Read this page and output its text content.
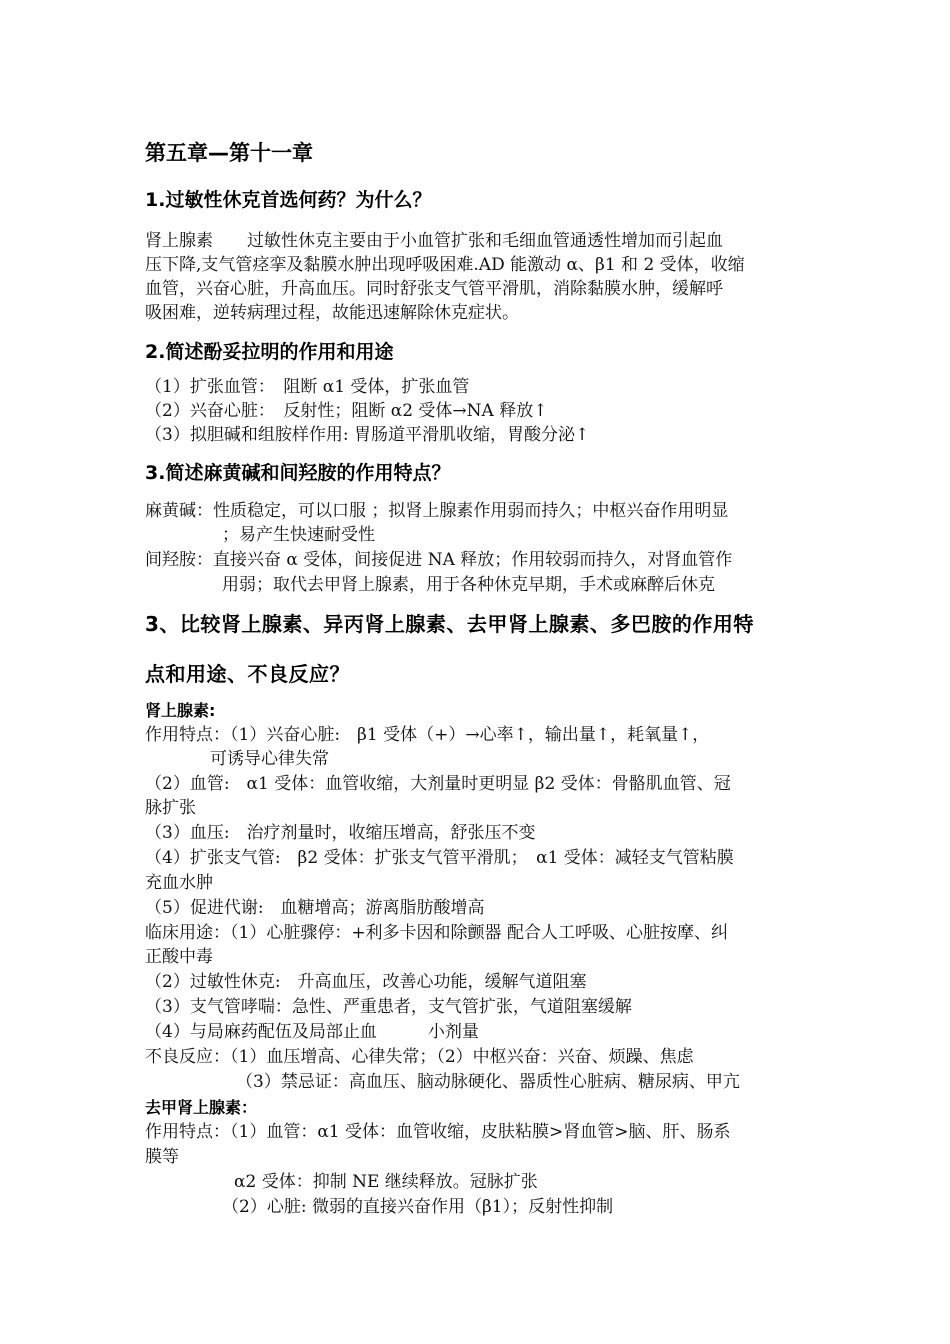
第五章—第十一章
1.过敏性休克首选何药？为什么？
肾上腺素　　过敏性休克主要由于小血管扩张和毛细血管通透性增加而引起血
压下降,支气管痉挛及黏膜水肿出现呼吸困难.AD 能激动 α、β1 和 2 受体，收缩
血管，兴奋心脏，升高血压。同时舒张支气管平滑肌，消除黏膜水肿，缓解呼
吸困难，逆转病理过程，故能迅速解除休克症状。
2.简述酚妥拉明的作用和用途
（1）扩张血管：　阻断 α1 受体，扩张血管
（2）兴奋心脏：　反射性；阻断 α2 受体→NA 释放↑
（3）拟胆碱和组胺样作用: 胃肠道平滑肌收缩，胃酸分泌↑
3.简述麻黄碱和间羟胺的作用特点？
麻黄碱：性质稳定，可以口服 ；拟肾上腺素作用弱而持久；中枢兴奋作用明显
；易产生快速耐受性
间羟胺：直接兴奋 α 受体，间接促进 NA 释放；作用较弱而持久，对肾血管作
用弱；取代去甲肾上腺素，用于各种休克早期，手术或麻醉后休克
3、比较肾上腺素、异丙肾上腺素、去甲肾上腺素、多巴胺的作用特
点和用途、不良反应？
肾上腺素:
作用特点：（1）兴奋心脏:　β1 受体（+）→心率↑，输出量↑，耗氧量↑，
可诱导心律失常
（2）血管:　α1 受体：血管收缩，大剂量时更明显 β2 受体：骨骼肌血管、冠
脉扩张
（3）血压:　治疗剂量时，收缩压增高，舒张压不变
（4）扩张支气管:　β2 受体：扩张支气管平滑肌；　α1 受体：减轻支气管粘膜
充血水肿
（5）促进代谢:　血糖增高；游离脂肪酸增高
临床用途：（1）心脏骤停：+利多卡因和除颤器 配合人工呼吸、心脏按摩、纠
正酸中毒
（2）过敏性休克:　升高血压，改善心功能，缓解气道阻塞
（3）支气管哮喘：急性、严重患者，支气管扩张，气道阻塞缓解
（4）与局麻药配伍及局部止血　　　小剂量
不良反应：（1）血压增高、心律失常；（2）中枢兴奋：兴奋、烦躁、焦虑
（3）禁忌证：高血压、脑动脉硬化、器质性心脏病、糖尿病、甲亢
去甲肾上腺素：
作用特点：（1）血管：α1 受体：血管收缩，皮肤粘膜>肾血管>脑、肝、肠系
膜等
α2 受体：抑制 NE 继续释放。冠脉扩张
（2）心脏: 微弱的直接兴奋作用（β1）；反射性抑制
